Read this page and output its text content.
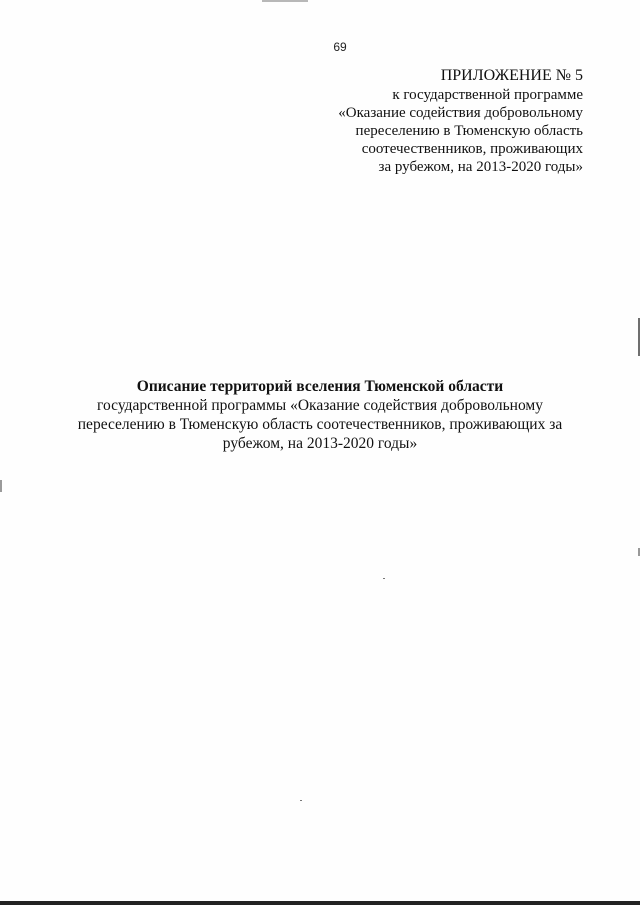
69
ПРИЛОЖЕНИЕ № 5
к государственной программе
«Оказание содействия добровольному
переселению в Тюменскую область
соотечественников, проживающих
за рубежом, на 2013-2020 годы»
Описание территорий вселения Тюменской области
государственной программы «Оказание содействия добровольному
переселению в Тюменскую область соотечественников, проживающих за
рубежом, на 2013-2020 годы»
